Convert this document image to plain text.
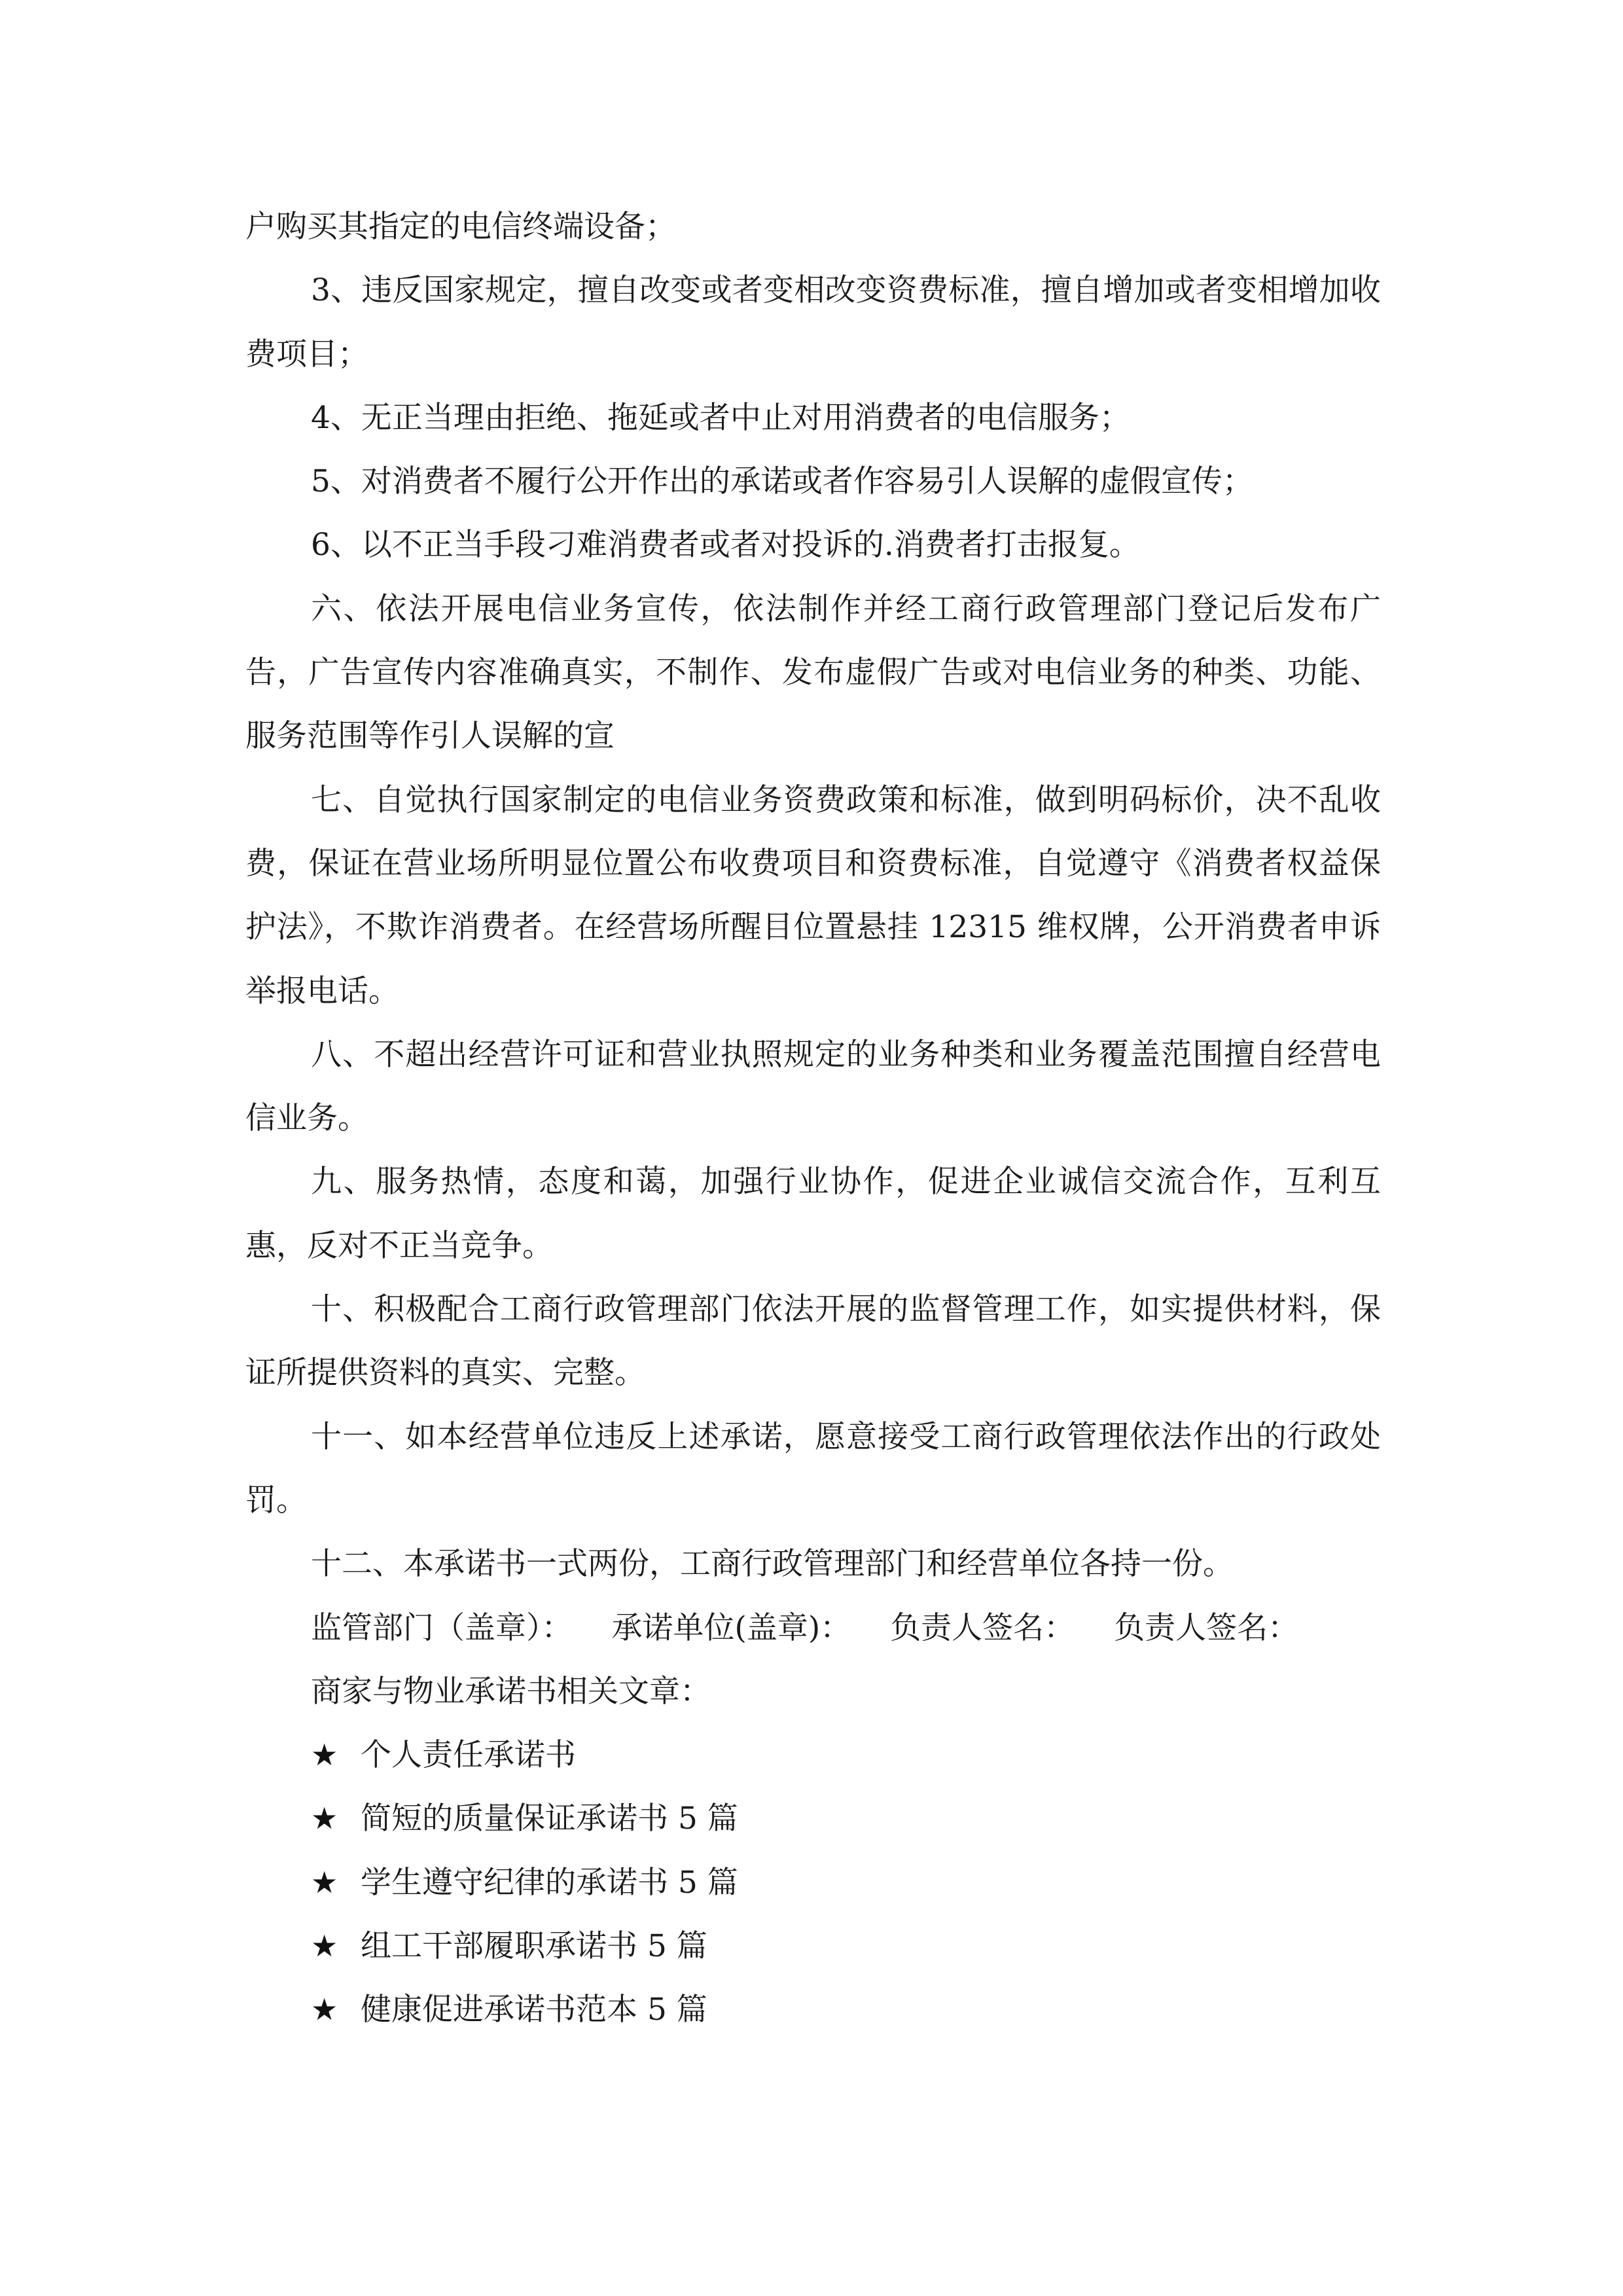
户购买其指定的电信终端设备；

3、违反国家规定，擅自改变或者变相改变资费标准，擅自增加或者变相增加收费项目；

4、无正当理由拒绝、拖延或者中止对用消费者的电信服务；

5、对消费者不履行公开作出的承诺或者作容易引人误解的虚假宣传；

6、以不正当手段刁难消费者或者对投诉的.消费者打击报复。

六、依法开展电信业务宣传，依法制作并经工商行政管理部门登记后发布广告，广告宣传内容准确真实，不制作、发布虚假广告或对电信业务的种类、功能、服务范围等作引人误解的宣

七、自觉执行国家制定的电信业务资费政策和标准，做到明码标价，决不乱收费，保证在营业场所明显位置公布收费项目和资费标准，自觉遵守《消费者权益保护法》，不欺诈消费者。在经营场所醒目位置悬挂 12315 维权牌，公开消费者申诉举报电话。

八、不超出经营许可证和营业执照规定的业务种类和业务覆盖范围擅自经营电信业务。

九、服务热情，态度和蔼，加强行业协作，促进企业诚信交流合作，互利互惠，反对不正当竞争。

十、积极配合工商行政管理部门依法开展的监督管理工作，如实提供材料，保证所提供资料的真实、完整。

十一、如本经营单位违反上述承诺，愿意接受工商行政管理依法作出的行政处罚。

十二、本承诺书一式两份，工商行政管理部门和经营单位各持一份。

监管部门（盖章）： 承诺单位(盖章)： 负责人签名： 负责人签名：
商家与物业承诺书相关文章：
★ 个人责任承诺书
★ 简短的质量保证承诺书 5 篇
★ 学生遵守纪律的承诺书 5 篇
★ 组工干部履职承诺书 5 篇
★ 健康促进承诺书范本 5 篇
